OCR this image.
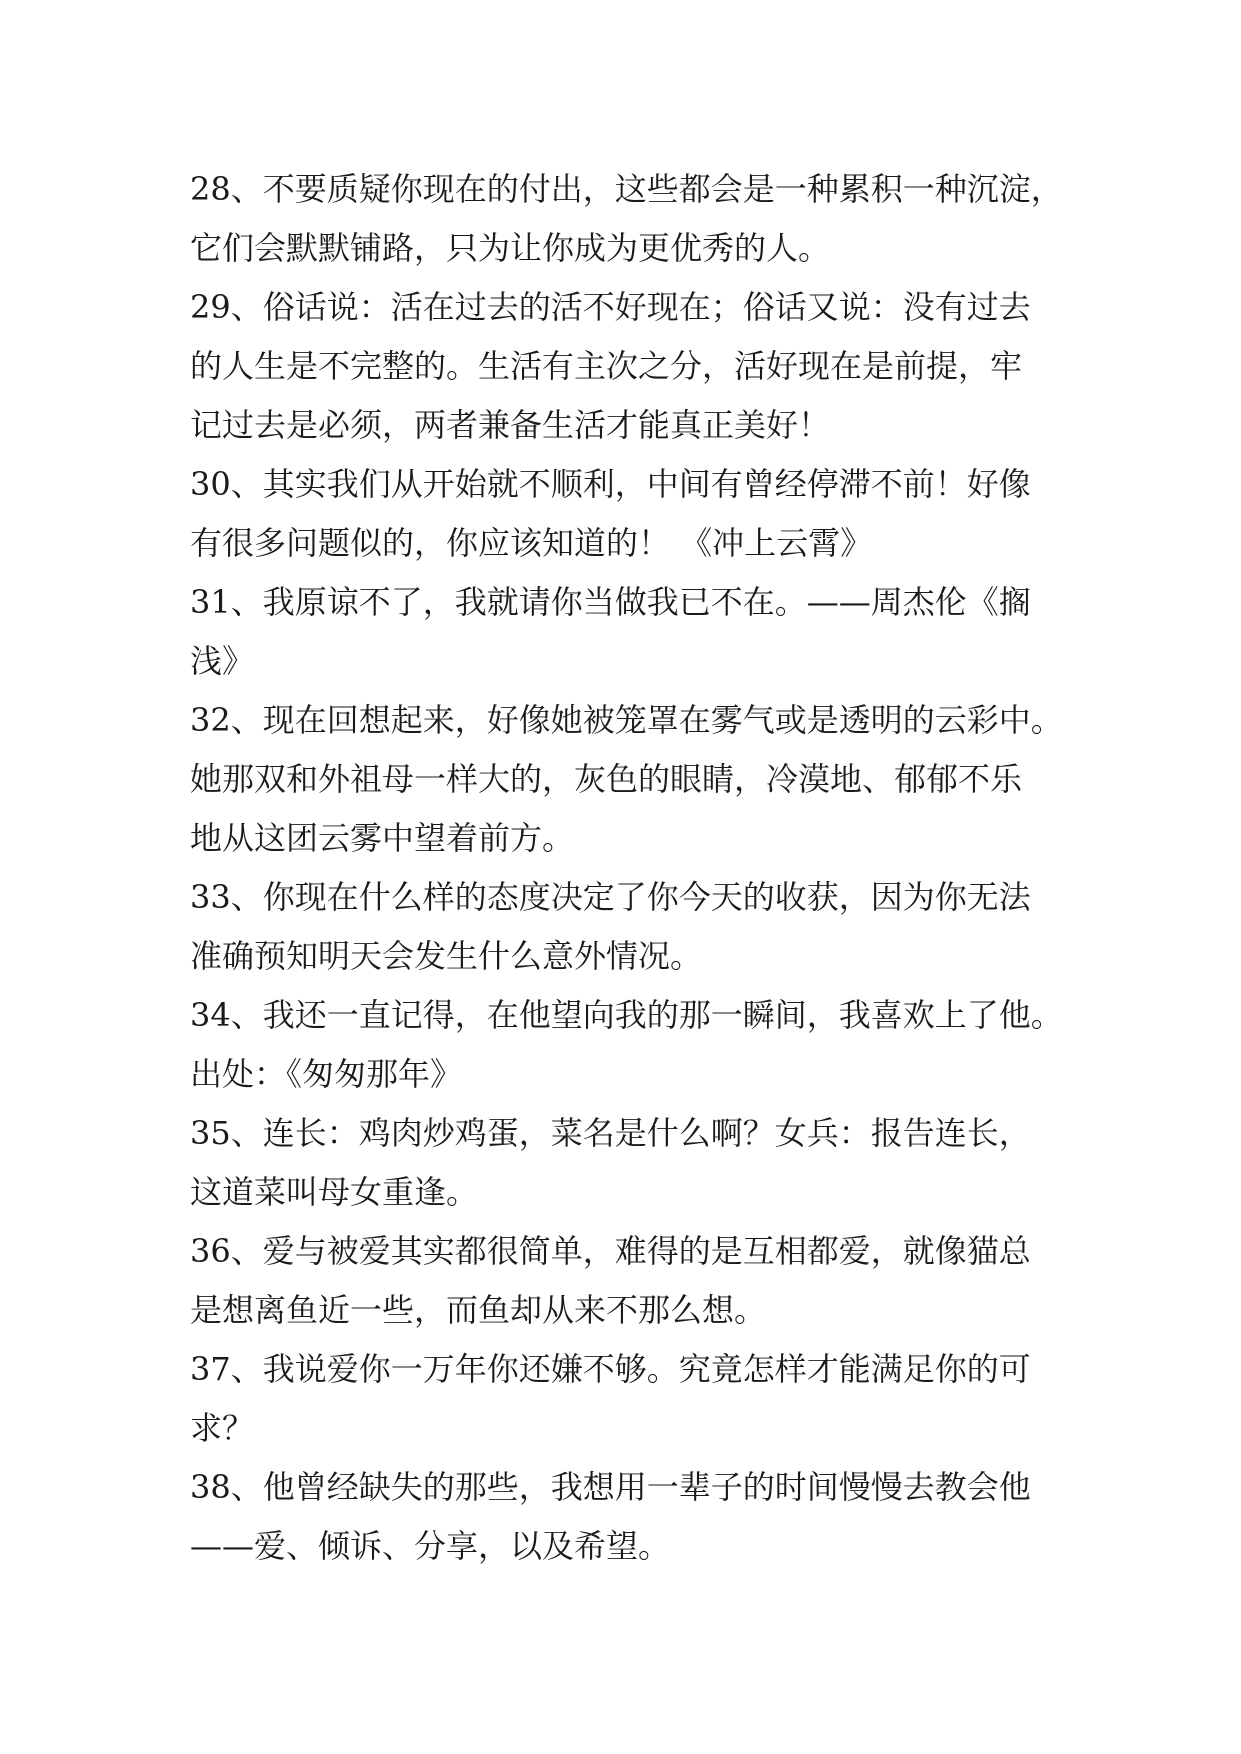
28、不要质疑你现在的付出，这些都会是一种累积一种沉淀，
它们会默默铺路，只为让你成为更优秀的人。
29、俗话说：活在过去的活不好现在；俗话又说：没有过去
的人生是不完整的。生活有主次之分，活好现在是前提，牢
记过去是必须，两者兼备生活才能真正美好！
30、其实我们从开始就不顺利，中间有曾经停滞不前！好像
有很多问题似的，你应该知道的！ 《冲上云霄》
31、我原谅不了，我就请你当做我已不在。——周杰伦《搁
浅》
32、现在回想起来，好像她被笼罩在雾气或是透明的云彩中。
她那双和外祖母一样大的，灰色的眼睛，冷漠地、郁郁不乐
地从这团云雾中望着前方。
33、你现在什么样的态度决定了你今天的收获，因为你无法
准确预知明天会发生什么意外情况。
34、我还一直记得，在他望向我的那一瞬间，我喜欢上了他。
出处：《匆匆那年》
35、连长：鸡肉炒鸡蛋，菜名是什么啊？女兵：报告连长，
这道菜叫母女重逢。
36、爱与被爱其实都很简单，难得的是互相都爱，就像猫总
是想离鱼近一些，而鱼却从来不那么想。
37、我说爱你一万年你还嫌不够。究竟怎样才能满足你的可
求？
38、他曾经缺失的那些，我想用一辈子的时间慢慢去教会他
——爱、倾诉、分享，以及希望。
